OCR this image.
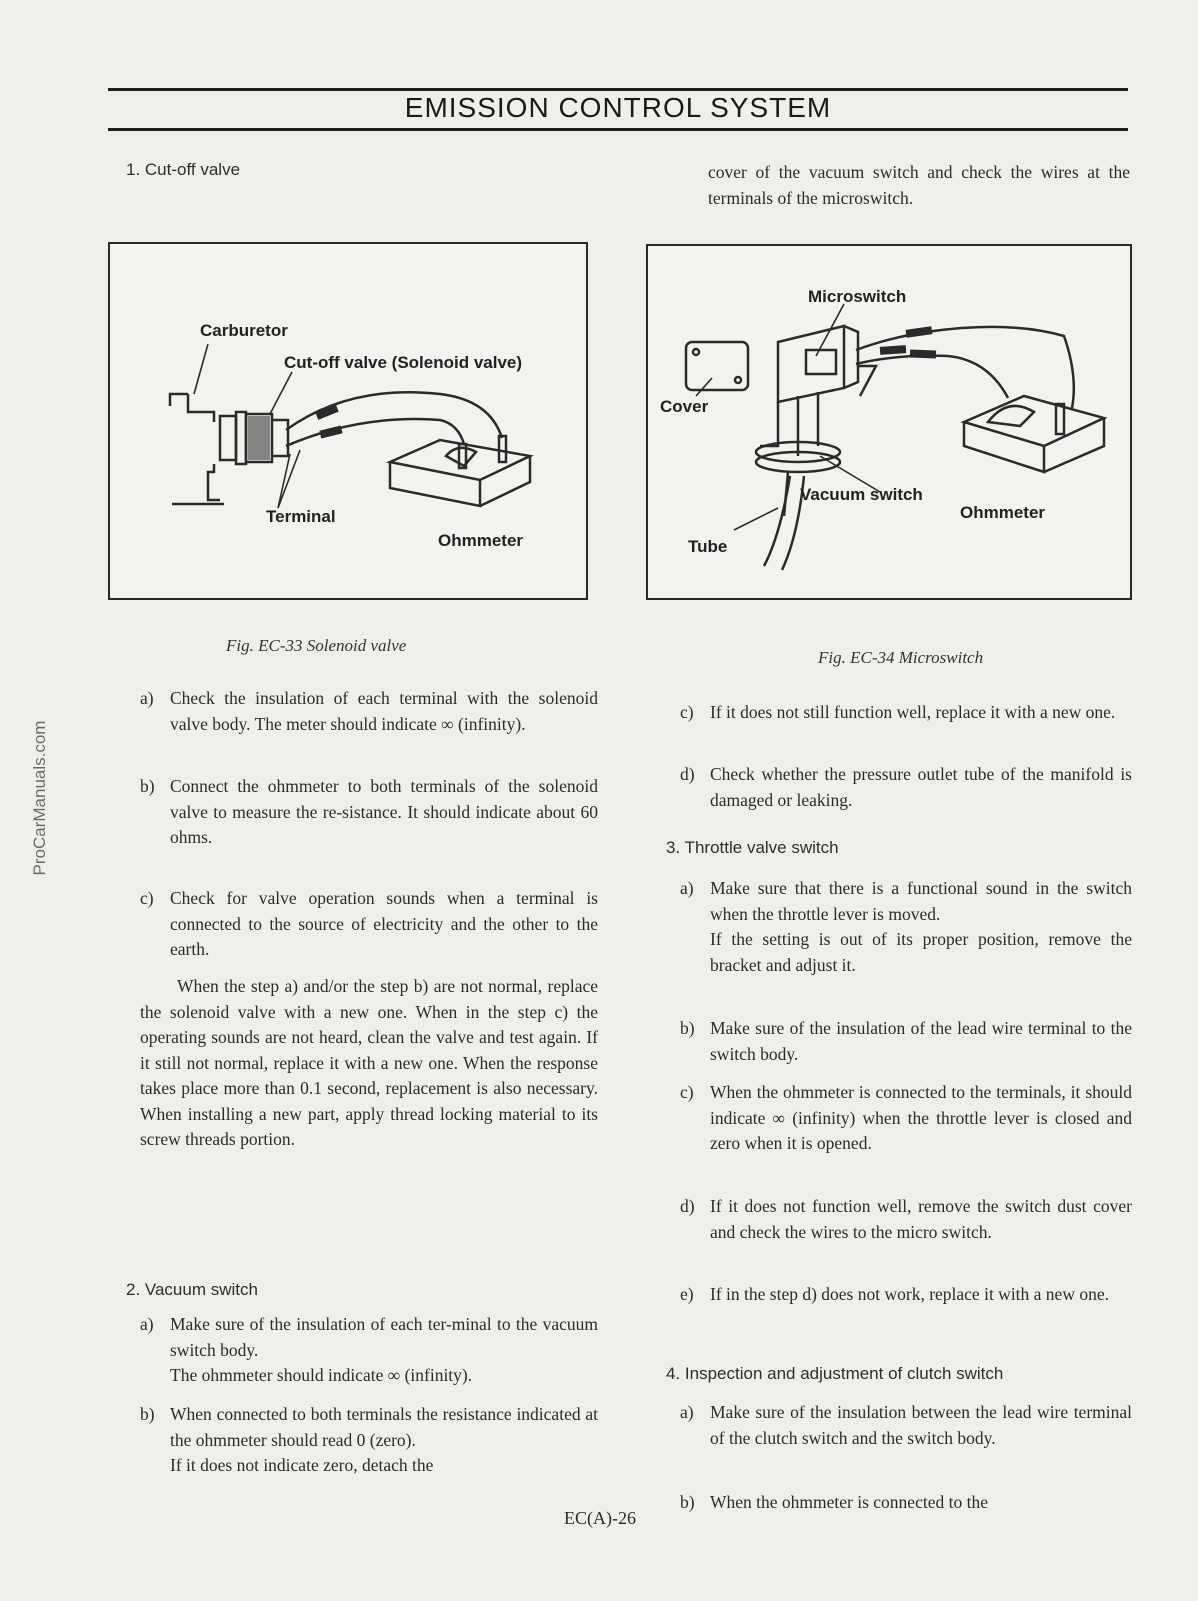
EMISSION CONTROL SYSTEM
ProCarManuals.com
1. Cut-off valve
Carburetor
Cut-off valve (Solenoid valve)
Terminal
Ohmmeter
Fig. EC-33 Solenoid valve
a) Check the insulation of each terminal with the solenoid valve body. The meter should indicate ∞ (infinity).
b) Connect the ohmmeter to both terminals of the solenoid valve to measure the re-sistance. It should indicate about 60 ohms.
c) Check for valve operation sounds when a terminal is connected to the source of electricity and the other to the earth.
When the step a) and/or the step b) are not normal, replace the solenoid valve with a new one. When in the step c) the operating sounds are not heard, clean the valve and test again. If it still not normal, replace it with a new one. When the response takes place more than 0.1 second, replacement is also necessary. When installing a new part, apply thread locking material to its screw threads portion.
2. Vacuum switch
a) Make sure of the insulation of each ter-minal to the vacuum switch body.
The ohmmeter should indicate ∞ (infinity).
b) When connected to both terminals the resistance indicated at the ohmmeter should read 0 (zero).
If it does not indicate zero, detach the
cover of the vacuum switch and check the wires at the terminals of the microswitch.
Microswitch
Cover
Vacuum switch
Ohmmeter
Tube
Fig. EC-34 Microswitch
c) If it does not still function well, replace it with a new one.
d) Check whether the pressure outlet tube of the manifold is damaged or leaking.
3. Throttle valve switch
a) Make sure that there is a functional sound in the switch when the throttle lever is moved.
If the setting is out of its proper position, remove the bracket and adjust it.
b) Make sure of the insulation of the lead wire terminal to the switch body.
c) When the ohmmeter is connected to the terminals, it should indicate ∞ (infinity) when the throttle lever is closed and zero when it is opened.
d) If it does not function well, remove the switch dust cover and check the wires to the micro switch.
e) If in the step d) does not work, replace it with a new one.
4. Inspection and adjustment of clutch switch
a) Make sure of the insulation between the lead wire terminal of the clutch switch and the switch body.
b) When the ohmmeter is connected to the
EC(A)-26
